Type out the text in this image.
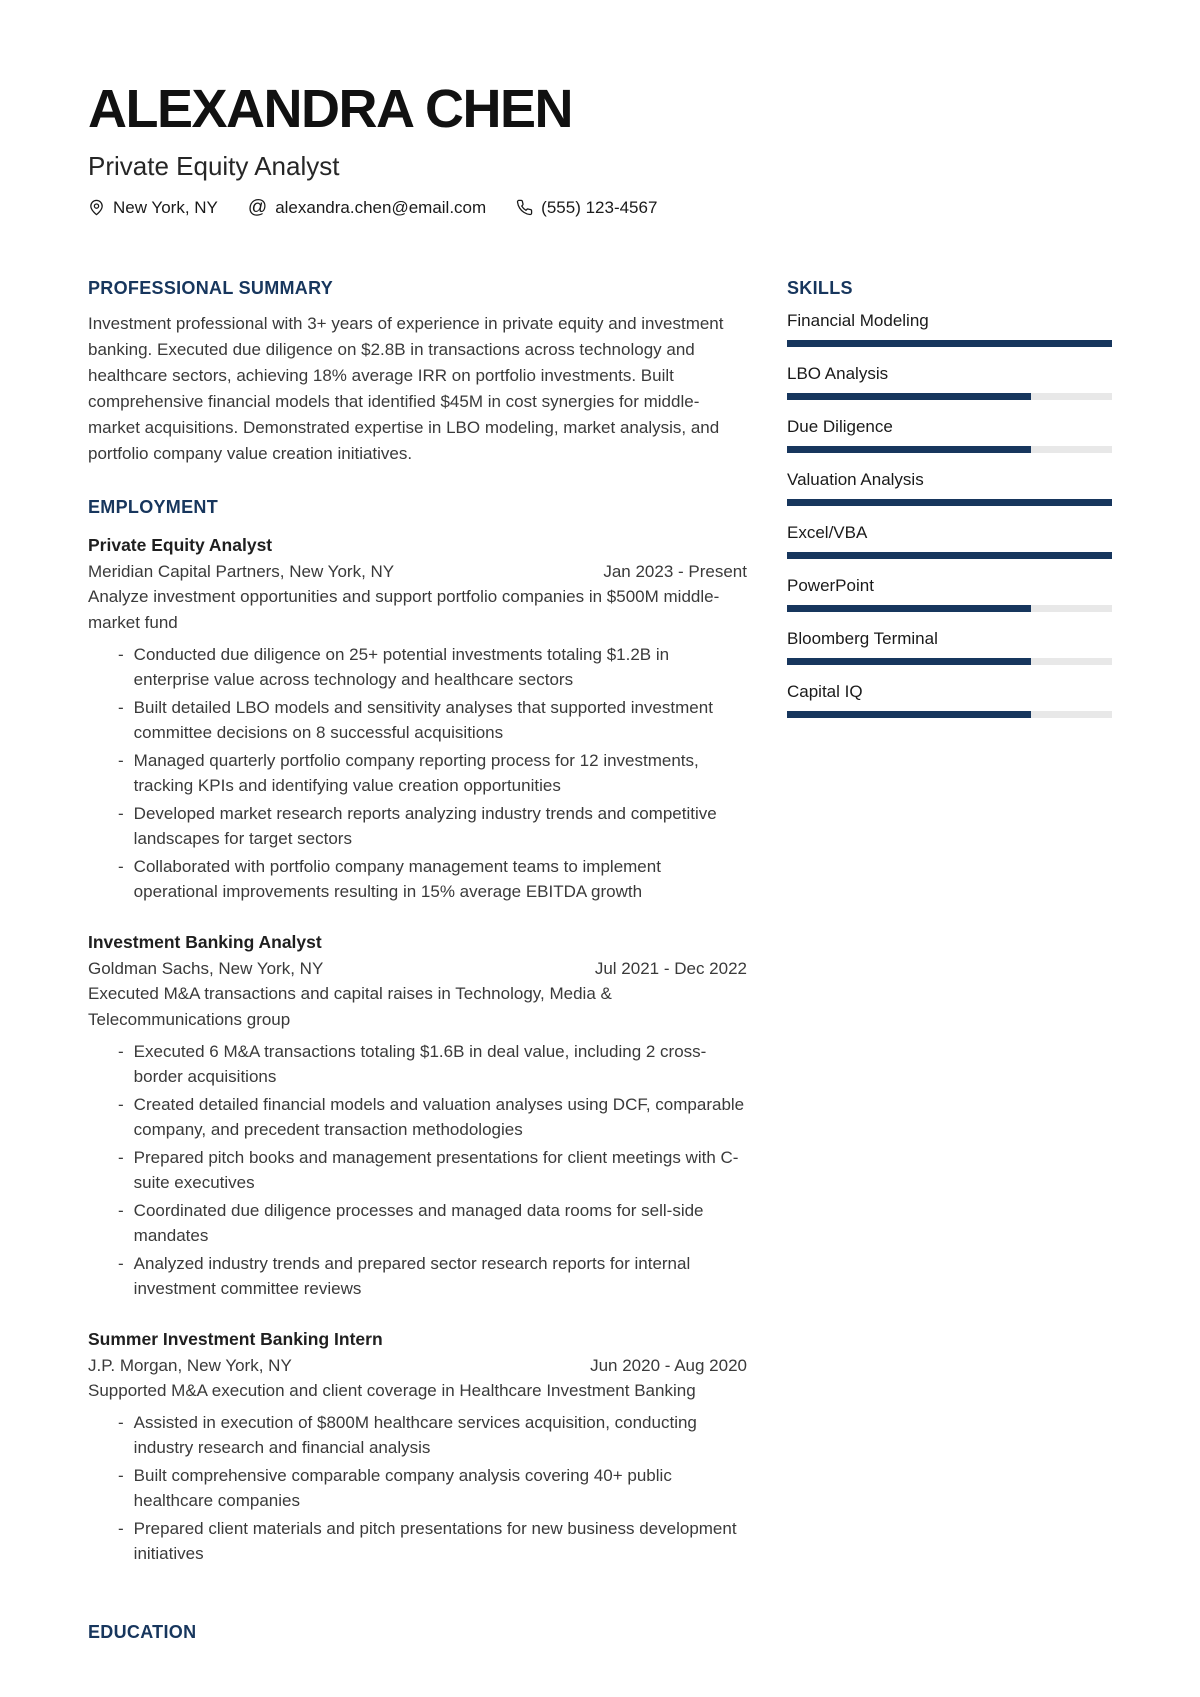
ALEXANDRA CHEN
Private Equity Analyst
New York, NY @ alexandra.chen@email.com	(555) 123-4567
PROFESSIONAL SUMMARY

Investment professional with 3+ years of experience in private equity and investment banking. Executed due diligence on $2.8B in transactions across technology and healthcare sectors, achieving 18% average IRR on portfolio investments. Built comprehensive financial models that identified $45M in cost synergies for middle-market acquisitions. Demonstrated expertise in LBO modeling, market analysis, and portfolio company value creation initiatives.

EMPLOYMENT
Private Equity Analyst
Meridian Capital Partners, New York, NY	Jan 2023 - Present
Analyze investment opportunities and support portfolio companies in $500M middle-market fund
- Conducted due diligence on 25+ potential investments totaling $1.2B in enterprise value across technology and healthcare sectors
- Built detailed LBO models and sensitivity analyses that supported investment committee decisions on 8 successful acquisitions
- Managed quarterly portfolio company reporting process for 12 investments, tracking KPIs and identifying value creation opportunities
- Developed market research reports analyzing industry trends and competitive landscapes for target sectors
- Collaborated with portfolio company management teams to implement operational improvements resulting in 15% average EBITDA growth
Investment Banking Analyst
Goldman Sachs, New York, NY	Jul 2021 - Dec 2022
Executed M&A transactions and capital raises in Technology, Media & Telecommunications group
- Executed 6 M&A transactions totaling $1.6B in deal value, including 2 cross-border acquisitions
- Created detailed financial models and valuation analyses using DCF, comparable company, and precedent transaction methodologies
- Prepared pitch books and management presentations for client meetings with C-suite executives
- Coordinated due diligence processes and managed data rooms for sell-side mandates
- Analyzed industry trends and prepared sector research reports for internal investment committee reviews
Summer Investment Banking Intern
J.P. Morgan, New York, NY	Jun 2020 - Aug 2020
Supported M&A execution and client coverage in Healthcare Investment Banking
- Assisted in execution of $800M healthcare services acquisition, conducting industry research and financial analysis
- Built comprehensive comparable company analysis covering 40+ public healthcare companies
- Prepared client materials and pitch presentations for new business development initiatives
EDUCATION
SKILLS
Financial Modeling
LBO Analysis
Due Diligence
Valuation Analysis
Excel/VBA
PowerPoint
Bloomberg Terminal
Capital IQ
